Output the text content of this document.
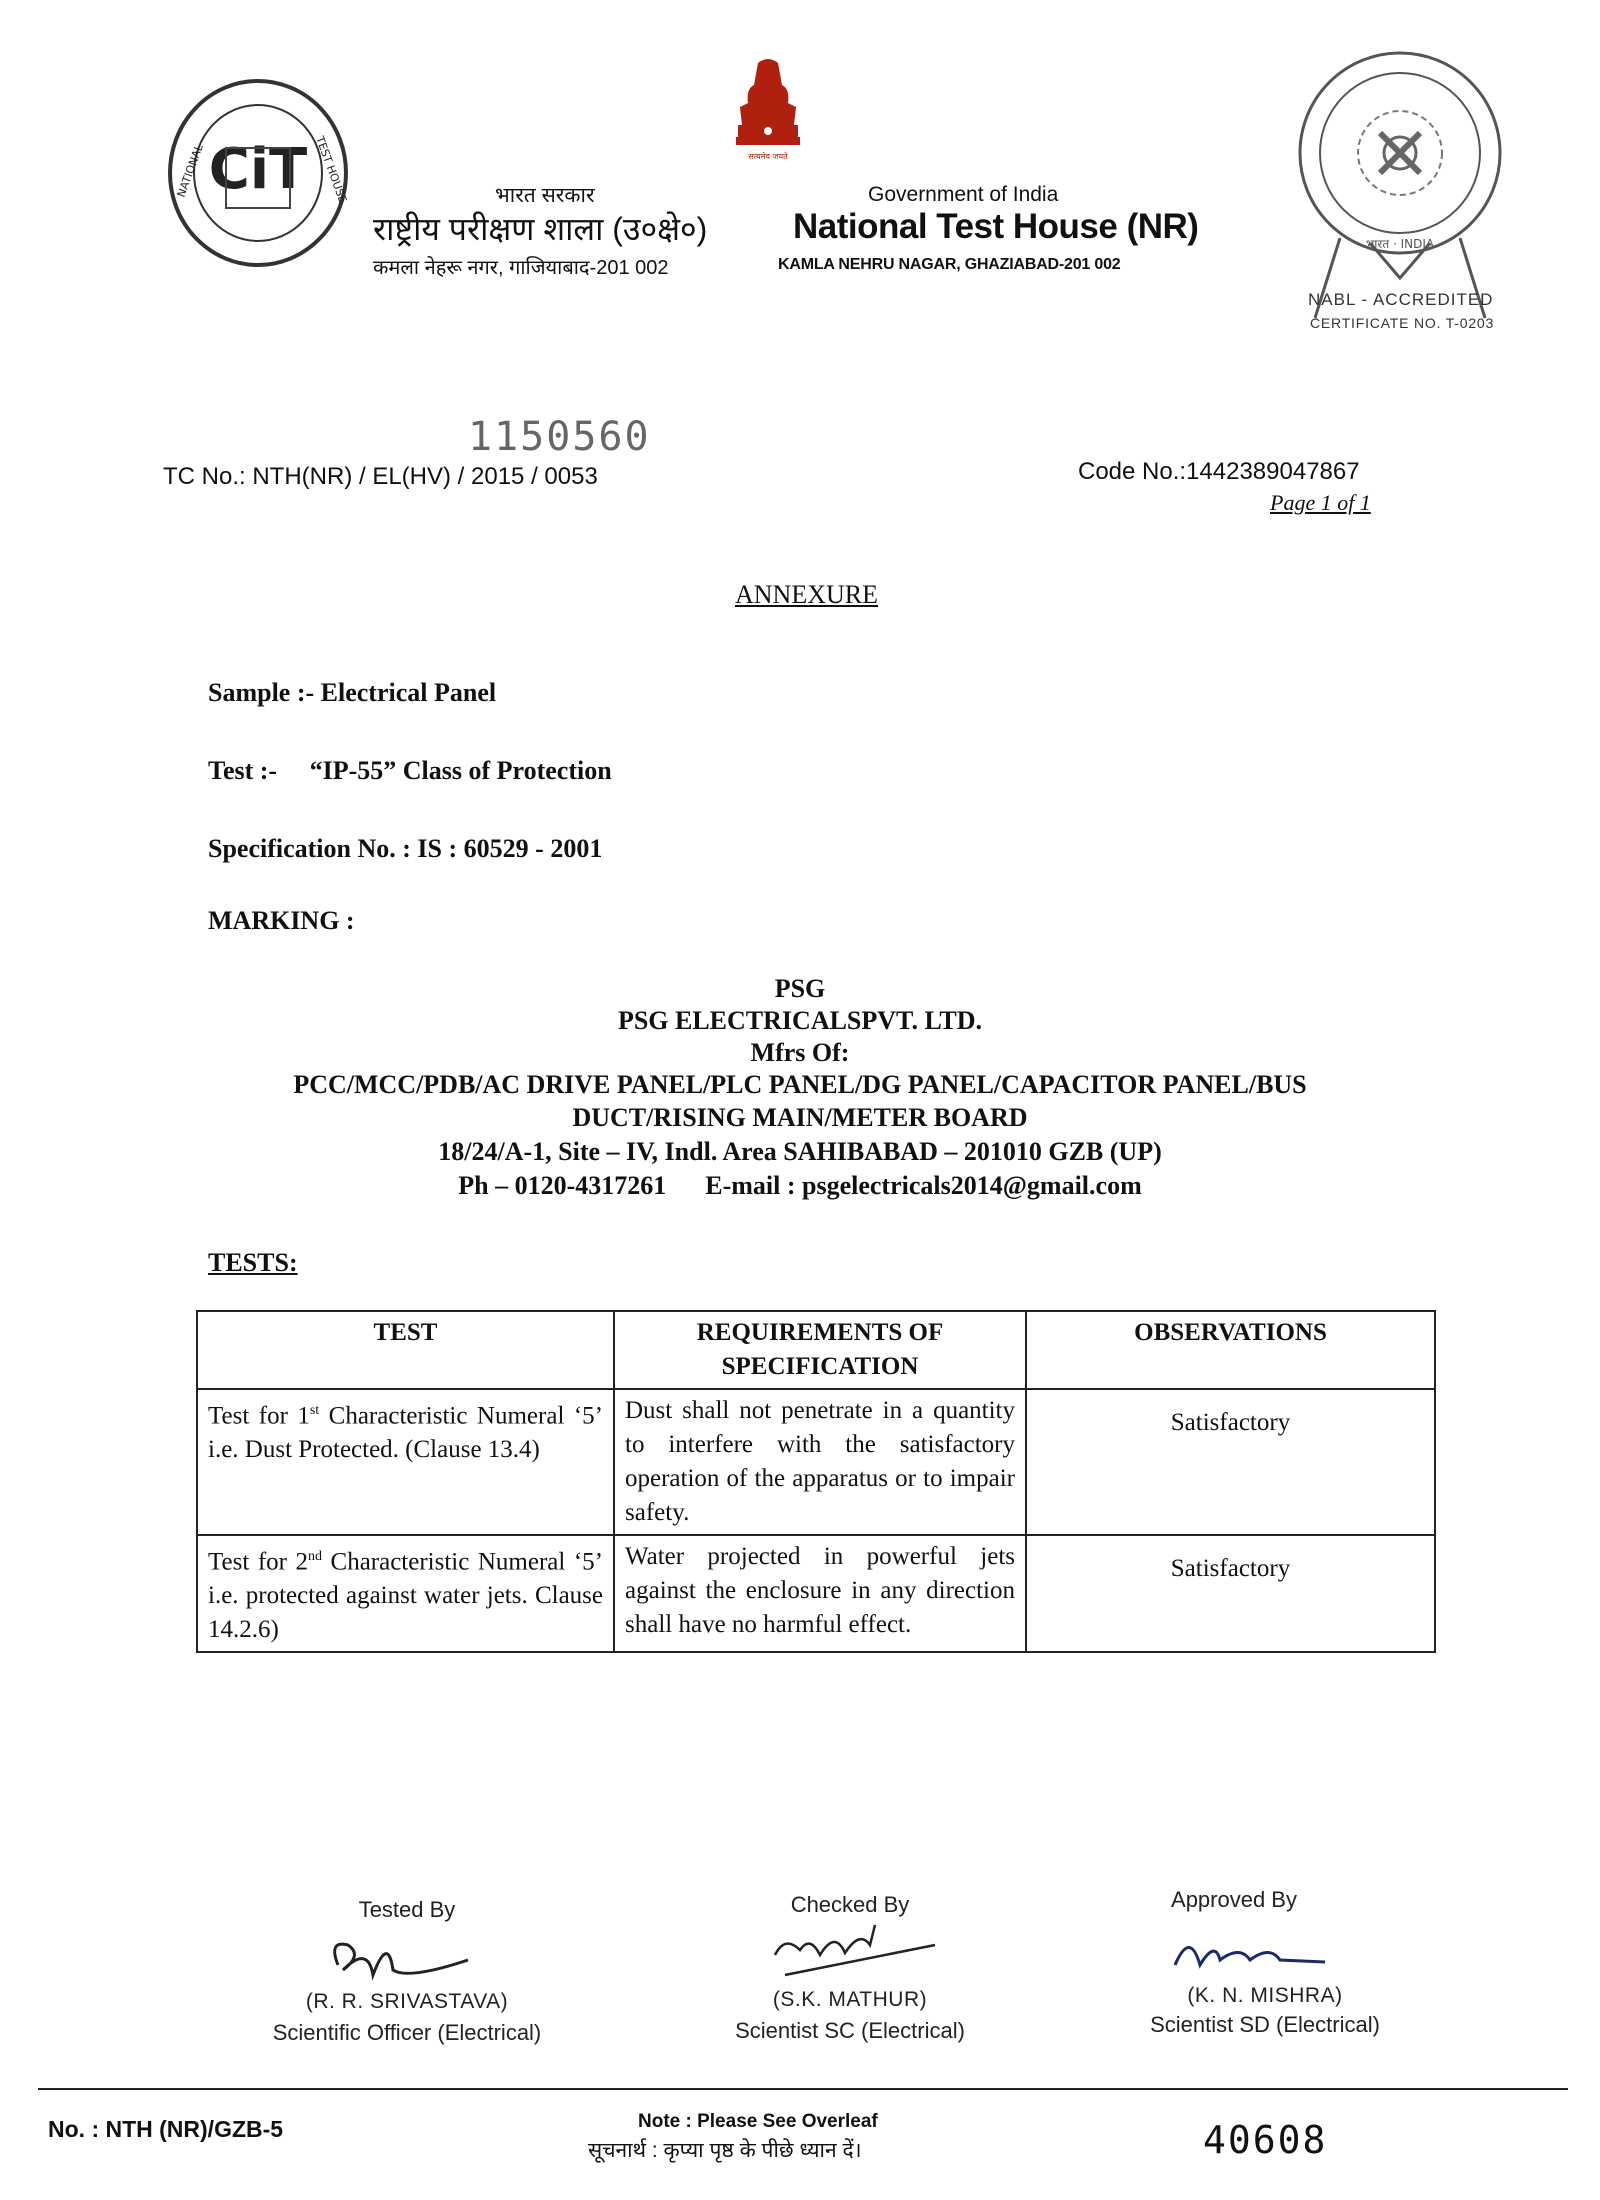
CiT
NATIONAL	TEST HOUSE	सत्यमेव जयते
भारत · INDIA
भारत सरकार	Government of India
राष्ट्रीय परीक्षण शाला (उ०क्षे०) National Test House (NR)
कमला नेहरू नगर, गाजियाबाद-201 002	KAMLA NEHRU NAGAR, GHAZIABAD-201 002
NABL - ACCREDITED
CERTIFICATE NO. T-0203
1150560
TC No.: NTH(NR) / EL(HV) / 2015 / 0053	Code No.:1442389047867
Page 1 of 1
ANNEXURE
Sample :- Electrical Panel
Test :- “IP-55” Class of Protection
Specification No. : IS : 60529 - 2001
MARKING :
PSG
PSG ELECTRICALSPVT. LTD.
Mfrs Of:
PCC/MCC/PDB/AC DRIVE PANEL/PLC PANEL/DG PANEL/CAPACITOR PANEL/BUS
DUCT/RISING MAIN/METER BOARD
18/24/A-1, Site – IV, Indl. Area SAHIBABAD – 201010 GZB (UP)
Ph – 0120-4317261 E-mail : psgelectricals2014@gmail.com
TESTS:
TEST	REQUIREMENTS OF SPECIFICATION	OBSERVATIONS
Test for 1st Characteristic Numeral ‘5’ i.e. Dust Protected. (Clause 13.4)	Dust shall not penetrate in a quantity to interfere with the satisfactory operation of the apparatus or to impair safety.	Satisfactory

Test for 2nd Characteristic Numeral ‘5’ i.e. protected against water jets. Clause 14.2.6)	Water projected in powerful jets against the enclosure in any direction shall have no harmful effect.	Satisfactory
Tested By
(R. R. SRIVASTAVA)
Scientific Officer (Electrical)
Checked By
(S.K. MATHUR)
Scientist SC (Electrical)
Approved By
(K. N. MISHRA)
Scientist SD (Electrical)
No. : NTH (NR)/GZB-5	Note : Please See Overleaf
सूचनार्थ : कृप्या पृष्ठ के पीछे ध्यान दें।	40608
